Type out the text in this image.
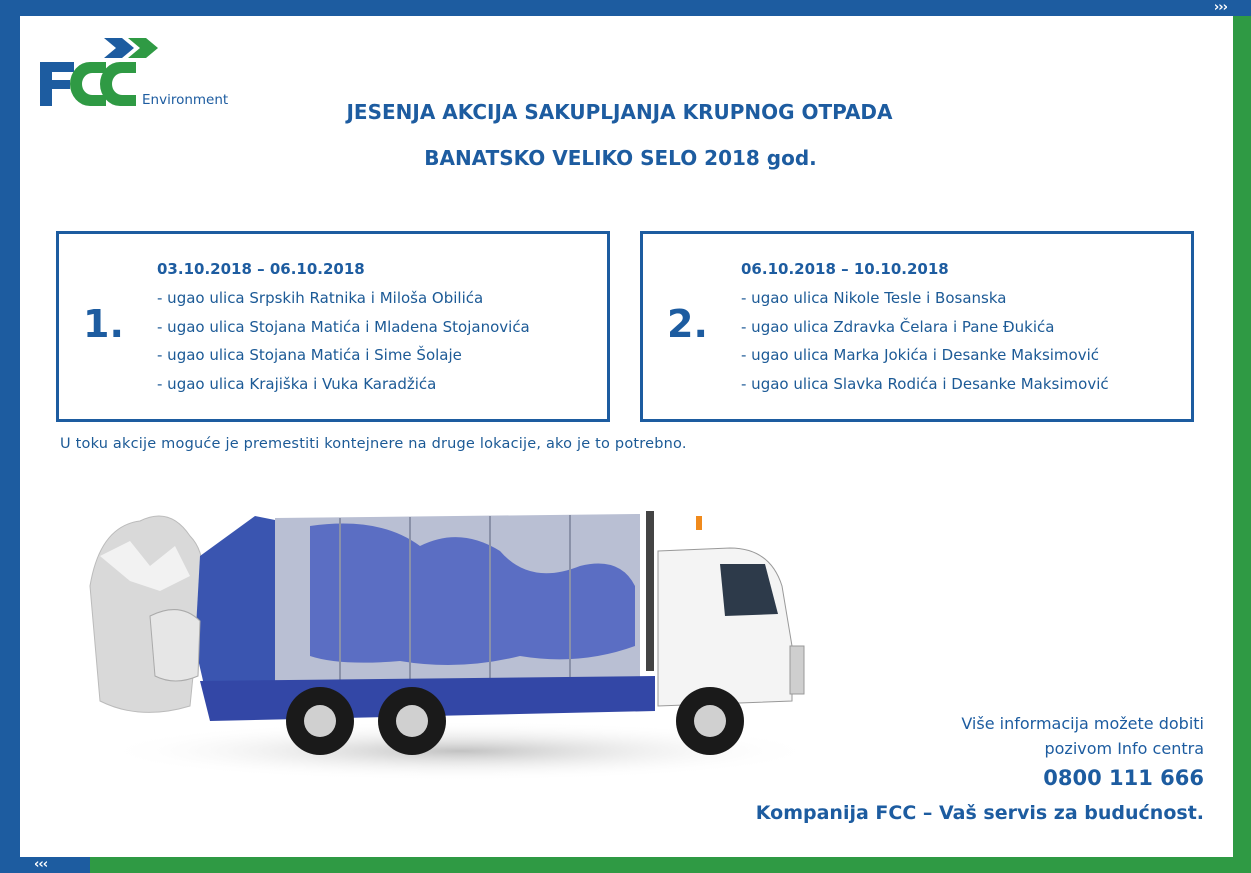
›››
‹‹‹
Environment	JESENJA AKCIJA SAKUPLJANJA KRUPNOG OTPADA
BANATSKO VELIKO SELO 2018 god.
1.
03.10.2018 – 06.10.2018
- ugao ulica Srpskih Ratnika i Miloša Obilića
- ugao ulica Stojana Matića i Mladena Stojanovića
- ugao ulica Stojana Matića i Sime Šolaje
- ugao ulica Krajiška i Vuka Karadžića
2.
06.10.2018 – 10.10.2018
- ugao ulica Nikole Tesle i Bosanska
- ugao ulica Zdravka Čelara i Pane Đukića
- ugao ulica Marka Jokića i Desanke Maksimović
- ugao ulica Slavka Rodića i Desanke Maksimović
U toku akcije moguće je premestiti kontejnere na druge lokacije, ako je to potrebno.
Više informacija možete dobiti
pozivom Info centra
0800 111 666
Kompanija FCC – Vaš servis za budućnost.
